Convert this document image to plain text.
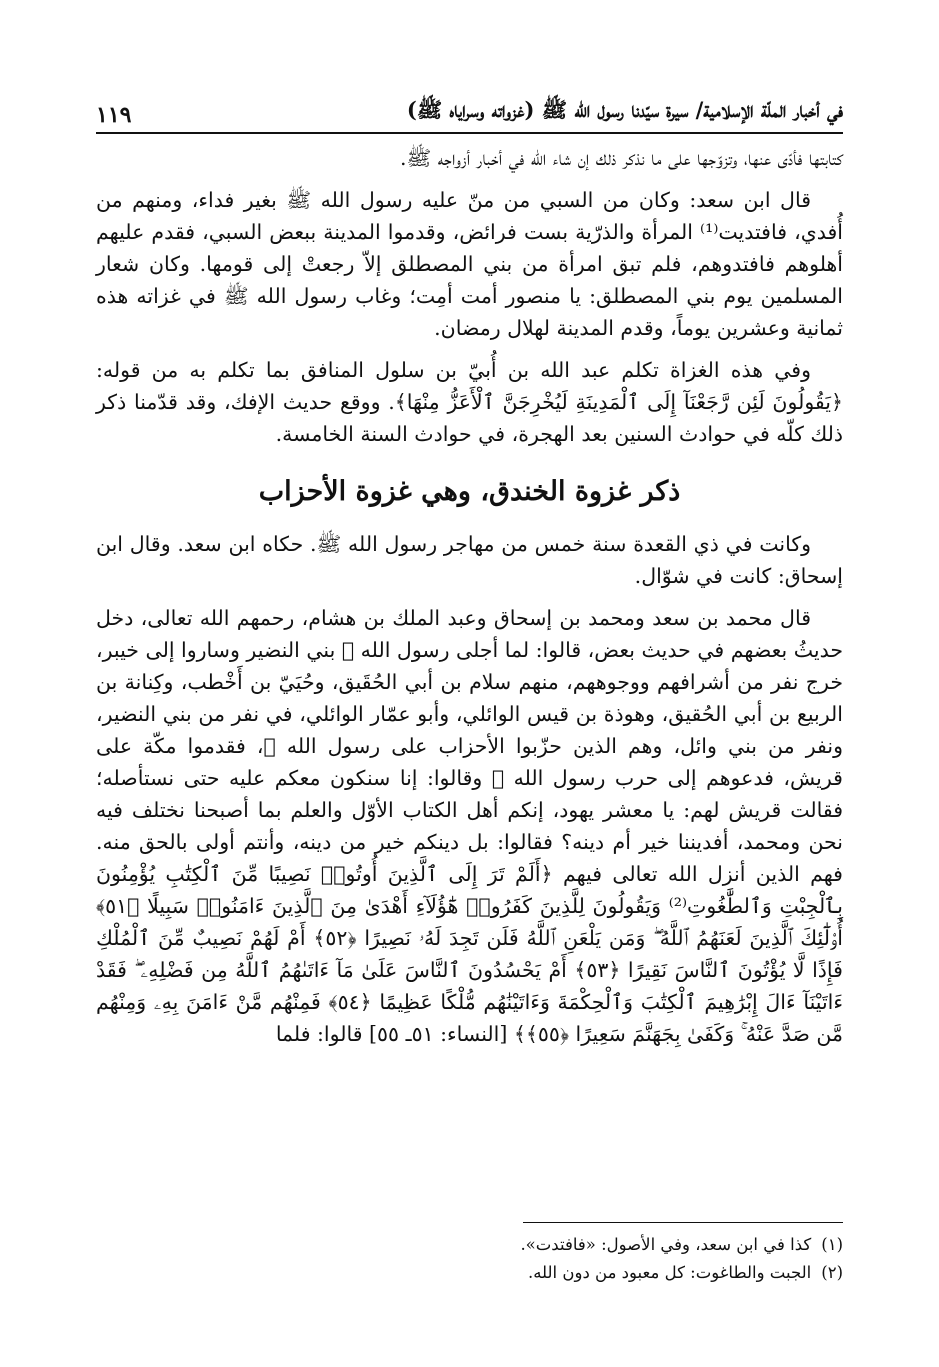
في أخبار الملّة الإسلامية/ سيرة سيّدنا رسول الله ﷺ (غزواته وسراياه ﷺ)
١١٩

كتابتها فأدّى عنها، وتزوّجها على ما نذكر ذلك إن شاء الله في أخبار أزواجه ﷺ.

قال ابن سعد: وكان من السبي من منّ عليه رسول الله ﷺ بغير فداء، ومنهم من أُفدي، فافتديت⁽¹⁾ المرأة والذرّية بست فرائض، وقدموا المدينة ببعض السبي، فقدم عليهم أهلوهم فافتدوهم، فلم تبق امرأة من بني المصطلق إلاّ رجعتْ إلى قومها. وكان شعار المسلمين يوم بني المصطلق: يا منصور أمت أمِت؛ وغاب رسول الله ﷺ في غزاته هذه ثمانية وعشرين يوماً، وقدم المدينة لهلال رمضان.

وفي هذه الغزاة تكلم عبد الله بن أُبيّ بن سلول المنافق بما تكلم به من قوله: ﴿يَقُولُونَ لَئِن رَّجَعْنَآ إِلَى ٱلْمَدِينَةِ لَيُخْرِجَنَّ ٱلْأَعَزُّ مِنْهَا﴾. ووقع حديث الإفك، وقد قدّمنا ذكر ذلك كلّه في حوادث السنين بعد الهجرة، في حوادث السنة الخامسة.

ذكر غزوة الخندق، وهي غزوة الأحزاب

وكانت في ذي القعدة سنة خمس من مهاجر رسول الله ﷺ. حكاه ابن سعد. وقال ابن إسحاق: كانت في شوّال.

قال محمد بن سعد ومحمد بن إسحاق وعبد الملك بن هشام، رحمهم الله تعالى، دخل حديثُ بعضهم في حديث بعض، قالوا: لما أجلى رسول الله ﷺ بني النضير وساروا إلى خيبر، خرج نفر من أشرافهم ووجوههم، منهم سلام بن أبي الحُقَيق، وحُيَيّ بن أَخْطب، وكِنانة بن الربيع بن أبي الحُقيق، وهوذة بن قيس الوائلي، وأبو عمّار الوائلي، في نفر من بني النضير، ونفر من بني وائل، وهم الذين حزّبوا الأحزاب على رسول الله ﷺ، فقدموا مكّة على قريش، فدعوهم إلى حرب رسول الله ﷺ وقالوا: إنا سنكون معكم عليه حتى نستأصله؛ فقالت قريش لهم: يا معشر يهود، إنكم أهل الكتاب الأوّل والعلم بما أصبحنا نختلف فيه نحن ومحمد، أفديننا خير أم دينه؟ فقالوا: بل دينكم خير من دينه، وأنتم أولى بالحق منه. فهم الذين أنزل الله تعالى فيهم ﴿أَلَمْ تَرَ إِلَى ٱلَّذِينَ أُوتُوا۟ نَصِيبًا مِّنَ ٱلْكِتَٰبِ يُؤْمِنُونَ بِٱلْجِبْتِ وَٱلطَّٰغُوتِ⁽²⁾ وَيَقُولُونَ لِلَّذِينَ كَفَرُوا۟ هَٰٓؤُلَآءِ أَهْدَىٰ مِنَ ٱلَّذِينَ ءَامَنُوا۟ سَبِيلًا ﴿٥١﴾ أُو۟لَٰٓئِكَ ٱلَّذِينَ لَعَنَهُمُ ٱللَّهُ ۖ وَمَن يَلْعَنِ ٱللَّهُ فَلَن تَجِدَ لَهُۥ نَصِيرًا ﴿٥٢﴾ أَمْ لَهُمْ نَصِيبٌ مِّنَ ٱلْمُلْكِ فَإِذًا لَّا يُؤْتُونَ ٱلنَّاسَ نَقِيرًا ﴿٥٣﴾ أَمْ يَحْسُدُونَ ٱلنَّاسَ عَلَىٰ مَآ ءَاتَىٰهُمُ ٱللَّهُ مِن فَضْلِهِۦ ۖ فَقَدْ ءَاتَيْنَآ ءَالَ إِبْرَٰهِيمَ ٱلْكِتَٰبَ وَٱلْحِكْمَةَ وَءَاتَيْنَٰهُم مُّلْكًا عَظِيمًا ﴿٥٤﴾ فَمِنْهُم مَّنْ ءَامَنَ بِهِۦ وَمِنْهُم مَّن صَدَّ عَنْهُ ۚ وَكَفَىٰ بِجَهَنَّمَ سَعِيرًا ﴿٥٥﴾﴾ [النساء: ٥١ـ ٥٥] قالوا: فلما

(١)
كذا في ابن سعد، وفي الأصول: «فافتدت».
(٢)
الجبت والطاغوت: كل معبود من دون الله.
